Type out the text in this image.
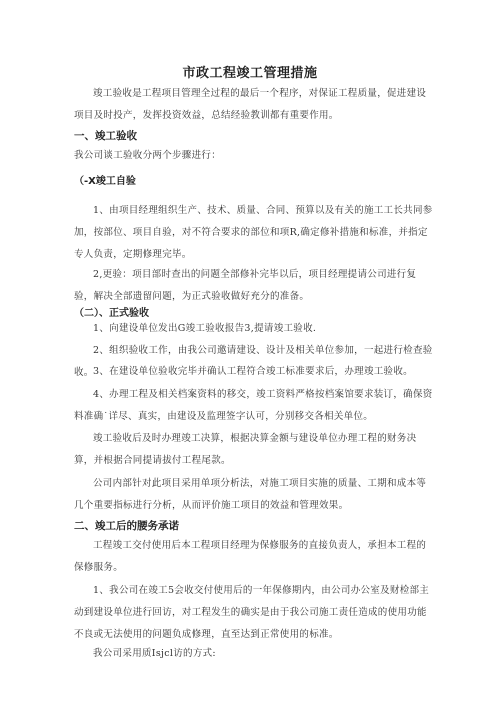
市政工程竣工管理措施
竣工验收是工程项目管理全过程的最后一个程序，对保证工程质量，促进建设项目及时投产，发挥投资效益，总结经验教训都有重要作用。
一、竣工验收
我公司谈工验收分两个步骤进行：
（-X竣工自验
1、由项目经理组织生产、技术、质量、合同、预算以及有关的施工工长共同参加，按部位、项目自验，对不符合要求的部位和项R,确定修补措施和标准，并指定专人负责，定期修理完毕。
2,更验：项目部时查出的问题全部修补完毕以后，项目经理提请公司进行复验，解决全部遗留问题，为正式验收做好充分的准备。
（二）、正式验收
1、向建设单位发出G竣工验收报告3,提请竣工验收.
2、组织验收工作，由我公司邀请建设、设计及相关单位参加，一起进行检查验收。 3、在建设单位验收完毕并确认工程符合竣工标准要求后，办理竣工验收。
4、办理工程及相关档案资料的移交，竣工资料严格按档案馆要求装订，确保资料准确˙详尽、真实，由建设及监理签字认可，分别移交各相关单位。
竣工验收后及时办理竣工决算，根据决算金额与建设单位办理工程的财务决算，并根据合同提请拔付工程尾款。
公司内部针对此项目采用单项分析法，对施工项目实施的质量、工期和成本等几个重要指标进行分析，从而评价施工项目的效益和管理效果。
二、竣工后的腰务承诺
工程竣工交付使用后本工程项目经理为保修服务的直接负责人，承担本工程的保修服务。
1、我公司在竣工5会收交付使用后的一年保修期内，由公司办公室及财检部主动到建设单位进行回访，对工程发生的确实是由于我公司施工责任造成的使用功能不良或无法使用的问题负成修理，直至达到正常使用的标准。
我公司采用质Isjcl访的方式:
